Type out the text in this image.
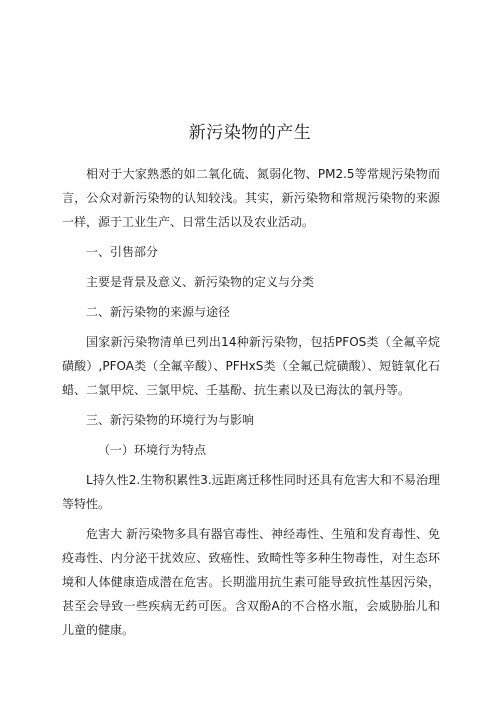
新污染物的产生

相对于大家熟悉的如二氧化硫、氮弱化物、PM2.5等常规污染物而言，公众对新污染物的认知较浅。其实，新污染物和常规污染物的来源一样，源于工业生产、日常生活以及农业活动。

一、引售部分

主要是背景及意义、新污染物的定义与分类

二、新污染物的来源与途径

国家新污染物清单已列出14种新污染物，包括PFOS类（全氟辛烷磺酸）,PFOA类（全氟辛酸）、PFHxS类（全氟己烷磺酸）、短链氧化石蜡、二氯甲烷、三氯甲烷、壬基酚、抗生素以及已海汰的氧丹等。

三、新污染物的环境行为与影响

（一）环境行为特点

L持久性2.生物积累性3.远距离迁移性同时还具有危害大和不易治理等特性。

危害大 新污染物多具有器官毒性、神经毒性、生殖和发育毒性、免疫毒性、内分泌干扰效应、致癌性、致畸性等多种生物毒性，对生态环境和人体健康造成潜在危害。长期滥用抗生素可能导致抗性基因污染，甚至会导致一些疾病无药可医。含双酚A的不合格水瓶，会威胁胎儿和儿童的健康。
